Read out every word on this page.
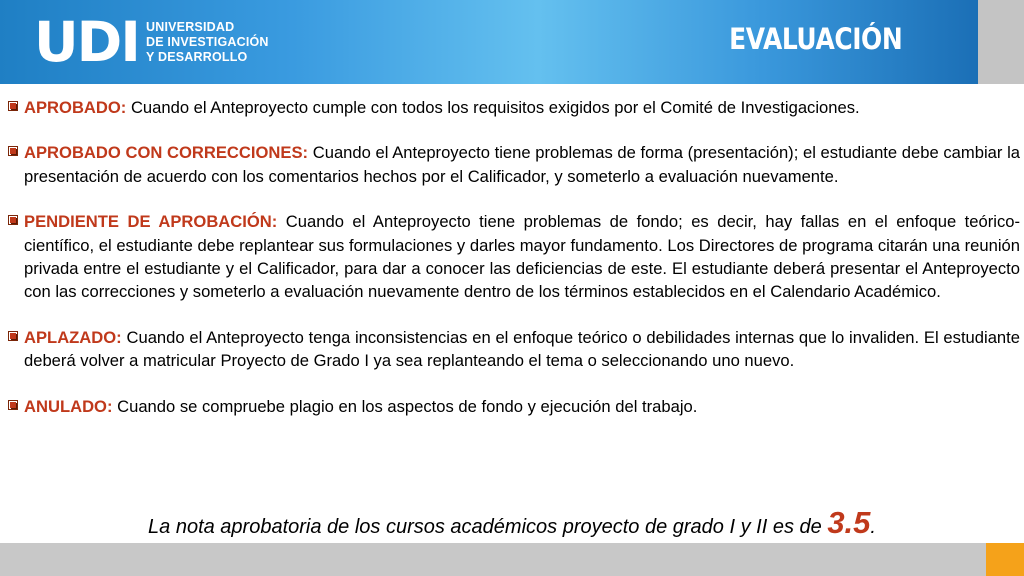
UDI UNIVERSIDAD
DE INVESTIGACIÓN
Y DESARROLLO
EVALUACIÓN
APROBADO: Cuando el Anteproyecto cumple con todos los requisitos exigidos por el Comité de Investigaciones.
APROBADO CON CORRECCIONES: Cuando el Anteproyecto tiene problemas de forma (presentación); el estudiante debe cambiar la presentación de acuerdo con los comentarios hechos por el Calificador, y someterlo a evaluación nuevamente.
PENDIENTE DE APROBACIÓN: Cuando el Anteproyecto tiene problemas de fondo; es decir, hay fallas en el enfoque teórico-científico, el estudiante debe replantear sus formulaciones y darles mayor fundamento. Los Directores de programa citarán una reunión privada entre el estudiante y el Calificador, para dar a conocer las deficiencias de este. El estudiante deberá presentar el Anteproyecto con las correcciones y someterlo a evaluación nuevamente dentro de los términos establecidos en el Calendario Académico.
APLAZADO: Cuando el Anteproyecto tenga inconsistencias en el enfoque teórico o debilidades internas que lo invaliden. El estudiante deberá volver a matricular Proyecto de Grado I ya sea replanteando el tema o seleccionando uno nuevo.
ANULADO: Cuando se compruebe plagio en los aspectos de fondo y ejecución del trabajo.
La nota aprobatoria de los cursos académicos proyecto de grado I y II es de 3.5.
